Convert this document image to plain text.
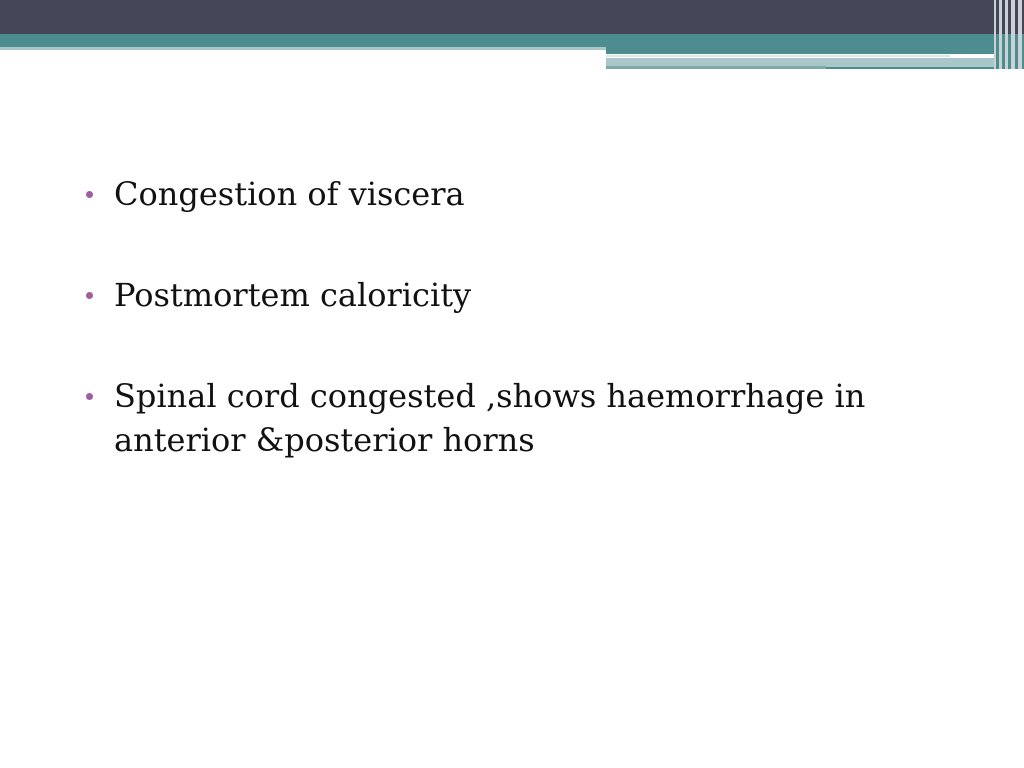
Congestion of viscera
Postmortem caloricity
Spinal cord congested ,shows haemorrhage in anterior &posterior horns
